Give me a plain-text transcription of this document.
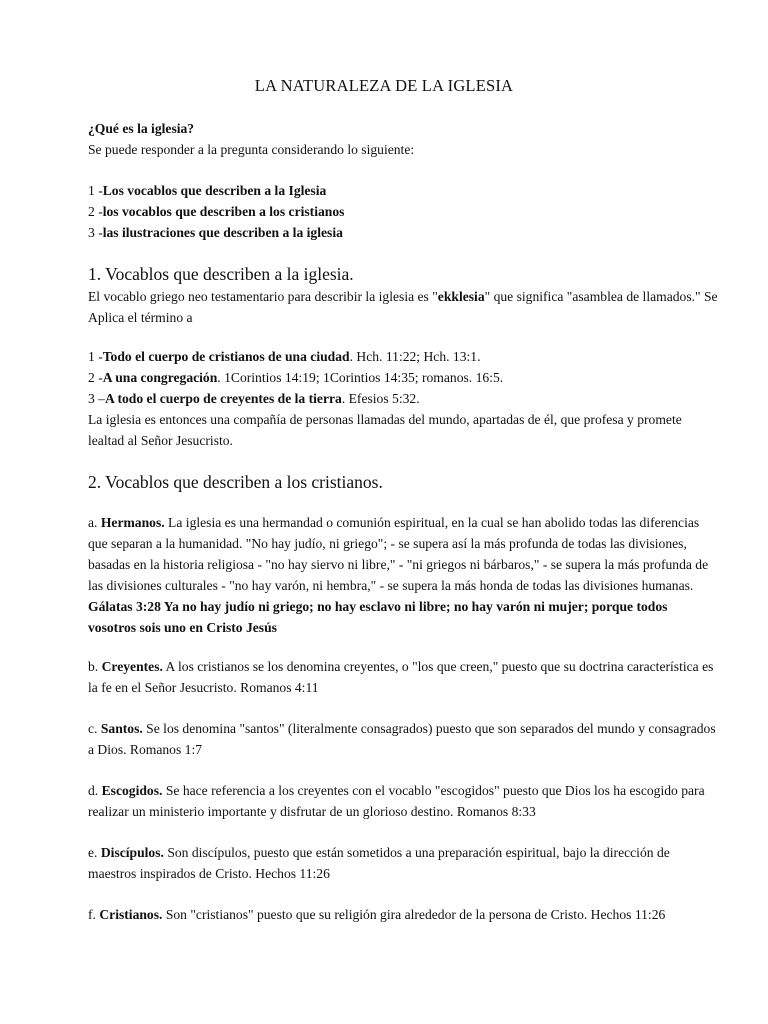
LA NATURALEZA DE LA IGLESIA
¿Qué es la iglesia?
Se puede responder a la pregunta considerando lo siguiente:
1 -Los vocablos que describen a la Iglesia
2 -los vocablos que describen a los cristianos
3 -las ilustraciones que describen a la iglesia
1. Vocablos que describen a la iglesia.
El vocablo griego neo testamentario para describir la iglesia es "ekklesia" que significa "asamblea de llamados." Se Aplica el término a
1 -Todo el cuerpo de cristianos de una ciudad. Hch. 11:22; Hch. 13:1.
2 -A una congregación. 1Corintios 14:19; 1Corintios 14:35; romanos. 16:5.
3 –A todo el cuerpo de creyentes de la tierra. Efesios 5:32.
La iglesia es entonces una compañía de personas llamadas del mundo, apartadas de él, que profesa y promete lealtad al Señor Jesucristo.
2. Vocablos que describen a los cristianos.
a. Hermanos. La iglesia es una hermandad o comunión espiritual, en la cual se han abolido todas las diferencias que separan a la humanidad. "No hay judío, ni griego"; - se supera así la más profunda de todas las divisiones, basadas en la historia religiosa - "no hay siervo ni libre," - "ni griegos ni bárbaros," - se supera la más profunda de las divisiones culturales - "no hay varón, ni hembra," - se supera la más honda de todas las divisiones humanas. Gálatas 3:28 Ya no hay judío ni griego; no hay esclavo ni libre; no hay varón ni mujer; porque todos vosotros sois uno en Cristo Jesús
b. Creyentes. A los cristianos se los denomina creyentes, o "los que creen," puesto que su doctrina característica es la fe en el Señor Jesucristo. Romanos 4:11
c. Santos. Se los denomina "santos" (literalmente consagrados) puesto que son separados del mundo y consagrados a Dios. Romanos 1:7
d. Escogidos. Se hace referencia a los creyentes con el vocablo "escogidos" puesto que Dios los ha escogido para realizar un ministerio importante y disfrutar de un glorioso destino. Romanos 8:33
e. Discípulos. Son discípulos, puesto que están sometidos a una preparación espiritual, bajo la dirección de maestros inspirados de Cristo. Hechos 11:26
f. Cristianos. Son "cristianos" puesto que su religión gira alrededor de la persona de Cristo. Hechos 11:26
